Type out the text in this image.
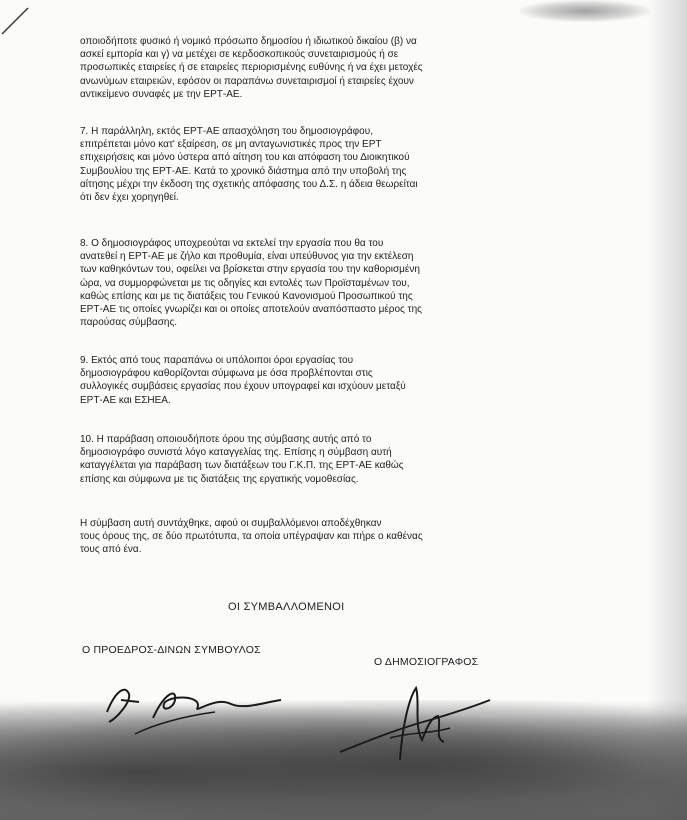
οποιοδήποτε φυσικό ή νομικό πρόσωπο δημοσίου ή ιδιωτικού δικαίου (β) να
ασκεί εμπορία και γ) να μετέχει σε κερδοσκοπικούς συνεταιρισμούς ή σε
προσωπικές εταιρείες ή σε εταιρείες περιορισμένης ευθύνης ή να έχει μετοχές
ανωνύμων εταιρειών, εφόσον οι παραπάνω συνεταιρισμοί ή εταιρείες έχουν
αντικείμενο συναφές με την ΕΡΤ-ΑΕ.
7. Η παράλληλη, εκτός ΕΡΤ-ΑΕ απασχόληση του δημοσιογράφου,
επιτρέπεται μόνο κατ' εξαίρεση, σε μη ανταγωνιστικές προς την ΕΡΤ
επιχειρήσεις και μόνο ύστερα από αίτηση του και απόφαση του Διοικητικού
Συμβουλίου της ΕΡΤ-ΑΕ. Κατά το χρονικό διάστημα από την υποβολή της
αίτησης μέχρι την έκδοση της σχετικής απόφασης του Δ.Σ. η άδεια θεωρείται
ότι δεν έχει χορηγηθεί.
8. Ο δημοσιογράφος υποχρεούται να εκτελεί την εργασία που θα του
ανατεθεί η ΕΡΤ-ΑΕ με ζήλο και προθυμία, είναι υπεύθυνος για την εκτέλεση
των καθηκόντων του, οφείλει να βρίσκεται στην εργασία του την καθορισμένη
ώρα, να συμμορφώνεται με τις οδηγίες και εντολές των Προϊσταμένων του,
καθώς επίσης και με τις διατάξεις του Γενικού Κανονισμού Προσωπικού της
ΕΡΤ-ΑΕ τις οποίες γνωρίζει και οι οποίες αποτελούν αναπόσπαστο μέρος της
παρούσας σύμβασης.
9. Εκτός από τους παραπάνω οι υπόλοιποι όροι εργασίας του
δημοσιογράφου καθορίζονται σύμφωνα με όσα προβλέπονται στις
συλλογικές συμβάσεις εργασίας που έχουν υπογραφεί και ισχύουν μεταξύ
ΕΡΤ-ΑΕ και ΕΣΗΕΑ.
10. Η παράβαση οποιουδήποτε όρου της σύμβασης αυτής από το
δημοσιογράφο συνιστά λόγο καταγγελίας της. Επίσης η σύμβαση αυτή
καταγγέλεται για παράβαση των διατάξεων του Γ.Κ.Π. της ΕΡΤ-ΑΕ καθώς
επίσης και σύμφωνα με τις διατάξεις της εργατικής νομοθεσίας.
Η σύμβαση αυτή συντάχθηκε, αφού οι συμβαλλόμενοι αποδέχθηκαν
τους όρους της, σε δύο πρωτότυπα, τα οποία υπέγραψαν και πήρε ο καθένας
τους από ένα.
ΟΙ ΣΥΜΒΑΛΛΟΜΕΝΟΙ
Ο ΠΡΟΕΔΡΟΣ-ΔΙΝΩΝ ΣΥΜΒΟΥΛΟΣ
Ο ΔΗΜΟΣΙΟΓΡΑΦΟΣ
